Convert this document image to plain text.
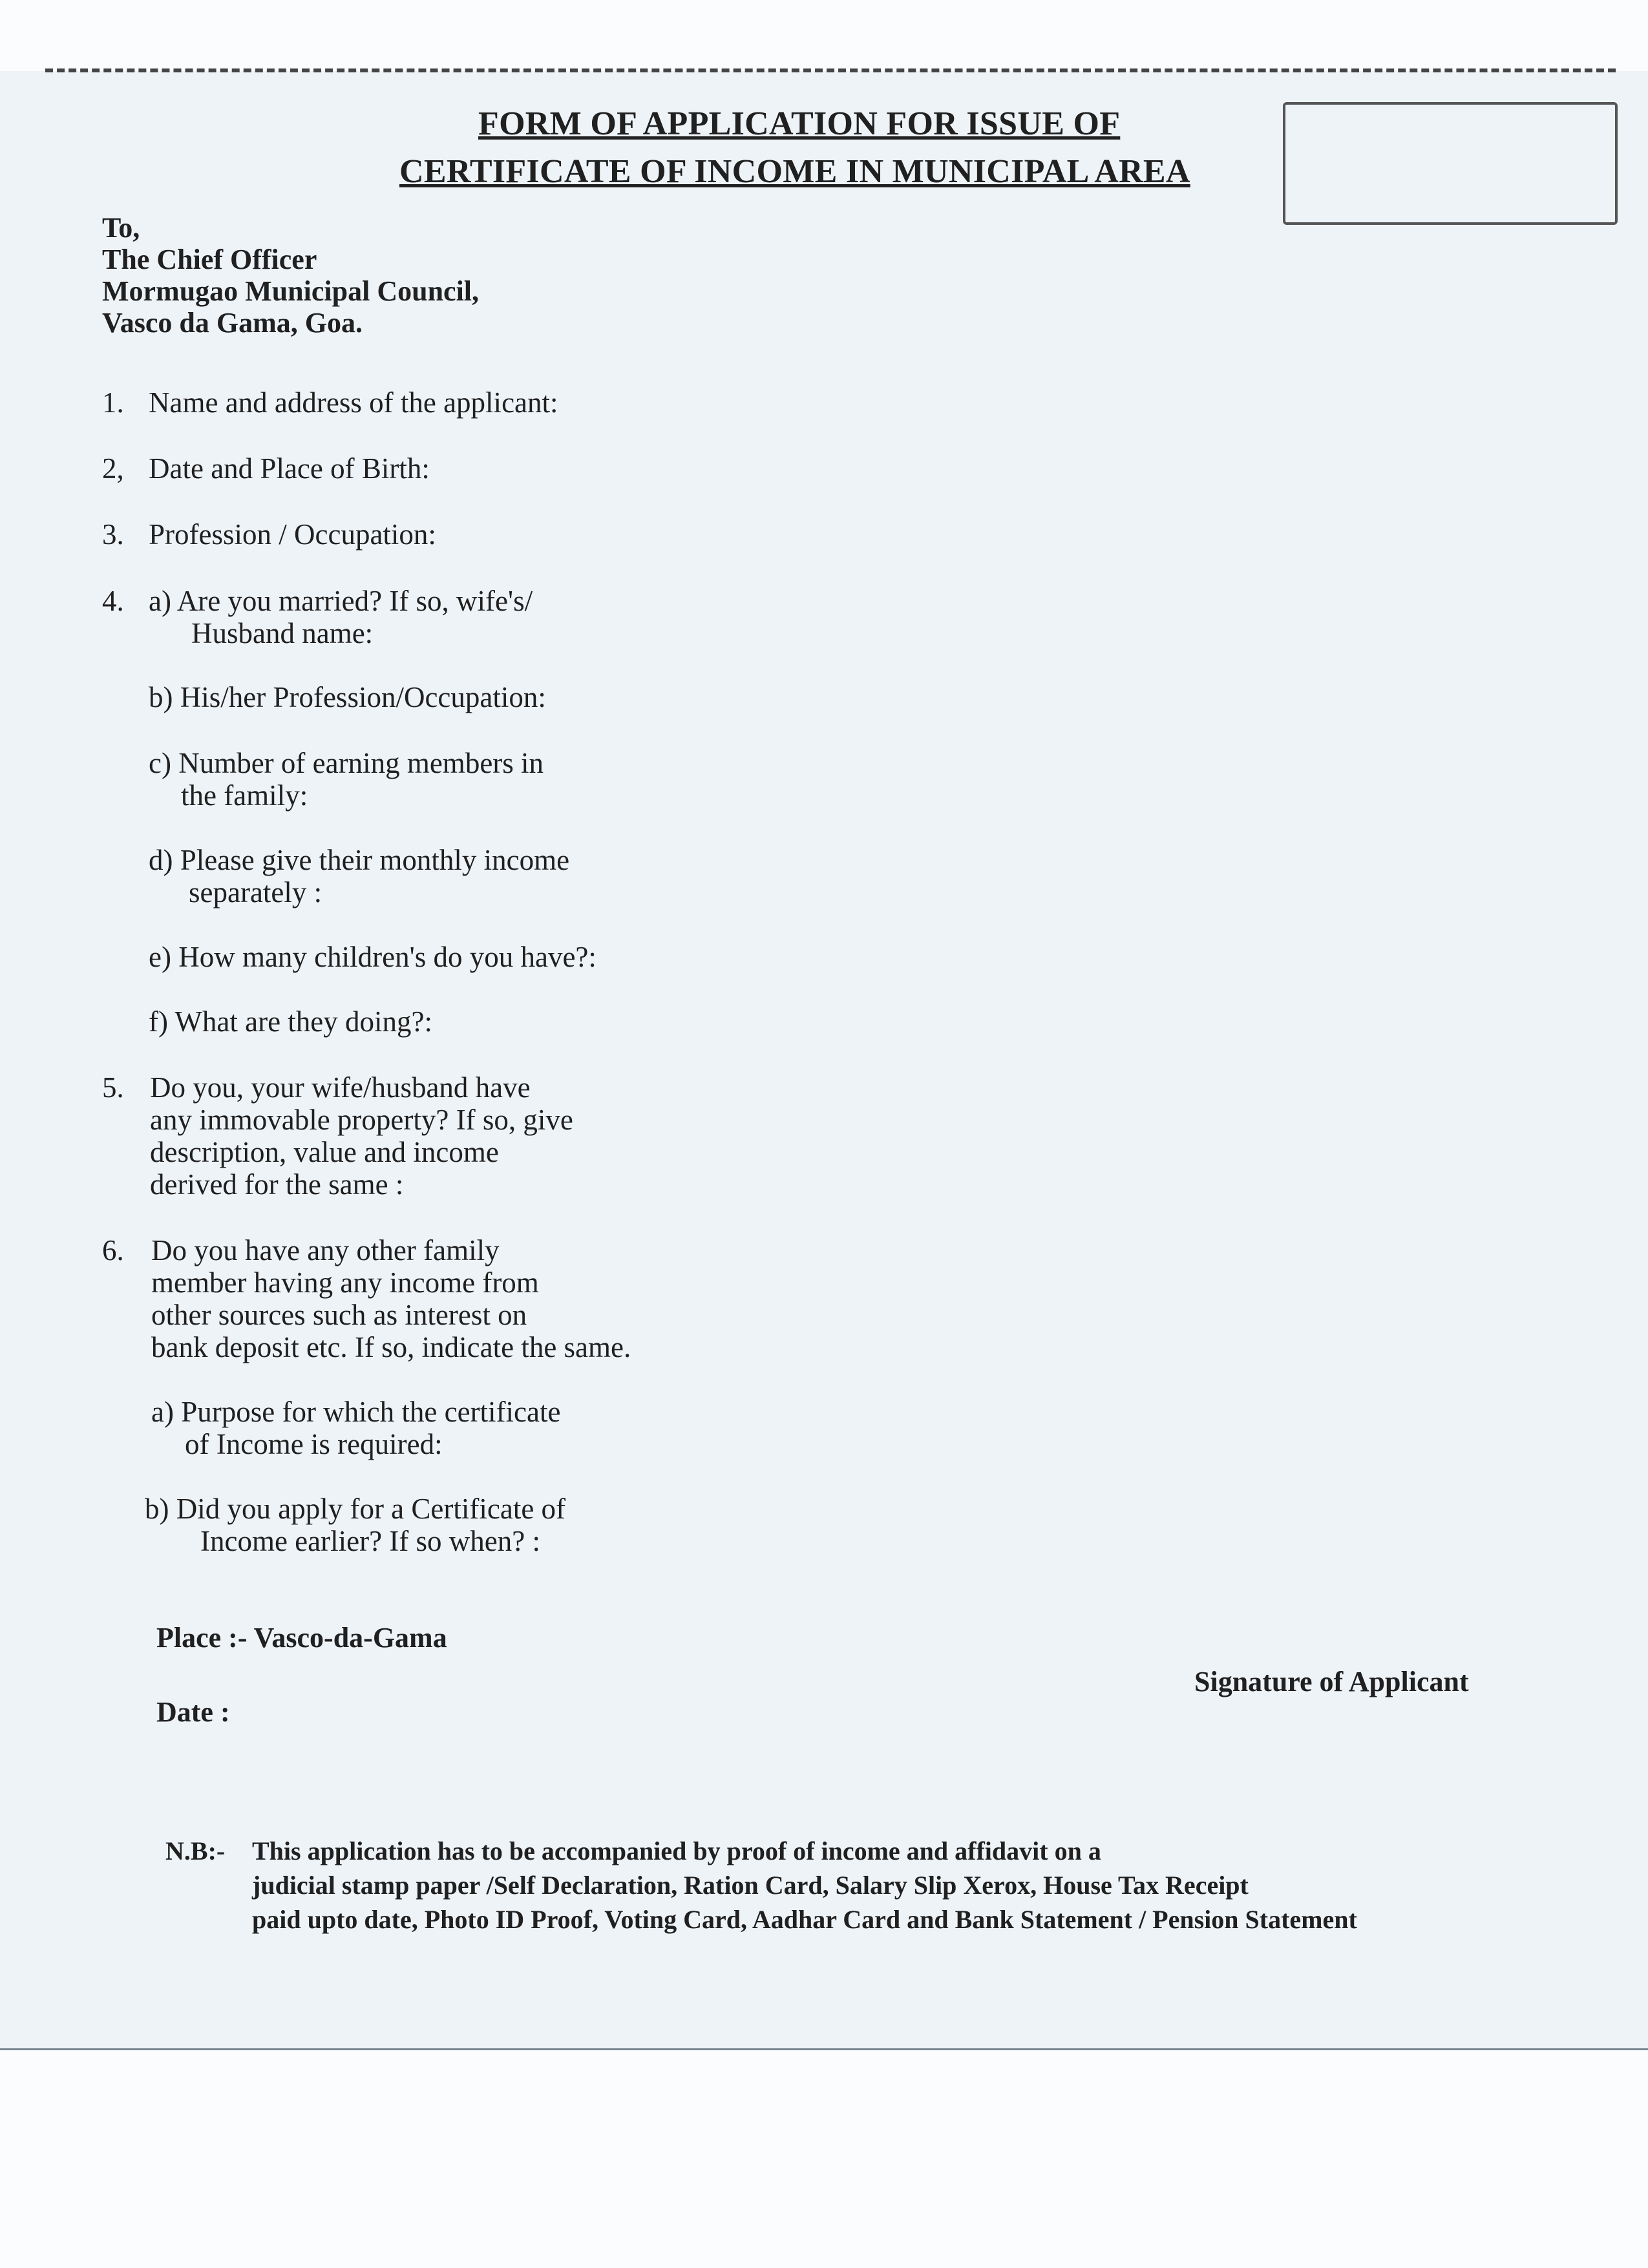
FORM OF APPLICATION FOR ISSUE OF
CERTIFICATE OF INCOME IN MUNICIPAL AREA
To,
The Chief Officer
Mormugao Municipal Council,
Vasco da Gama, Goa.
1. Name and address of the applicant:
2, Date and Place of Birth:
3. Profession / Occupation:
4. a) Are you married? If so, wife's/
Husband name:
b) His/her Profession/Occupation:
c) Number of earning members in
the family:
d) Please give their monthly income
separately :
e) How many children's do you have?:
f) What are they doing?:
5. Do you, your wife/husband have
any immovable property? If so, give
description, value and income
derived for the same :
6. Do you have any other family
member having any income from
other sources such as interest on
bank deposit etc. If so, indicate the same.
a) Purpose for which the certificate
of Income is required:
b) Did you apply for a Certificate of
Income earlier? If so when? :
Place :- Vasco-da-Gama
Date :
Signature of Applicant
N.B:- This application has to be accompanied by proof of income and affidavit on a
judicial stamp paper /Self Declaration, Ration Card, Salary Slip Xerox, House Tax Receipt
paid upto date, Photo ID Proof, Voting Card, Aadhar Card and Bank Statement / Pension Statement
